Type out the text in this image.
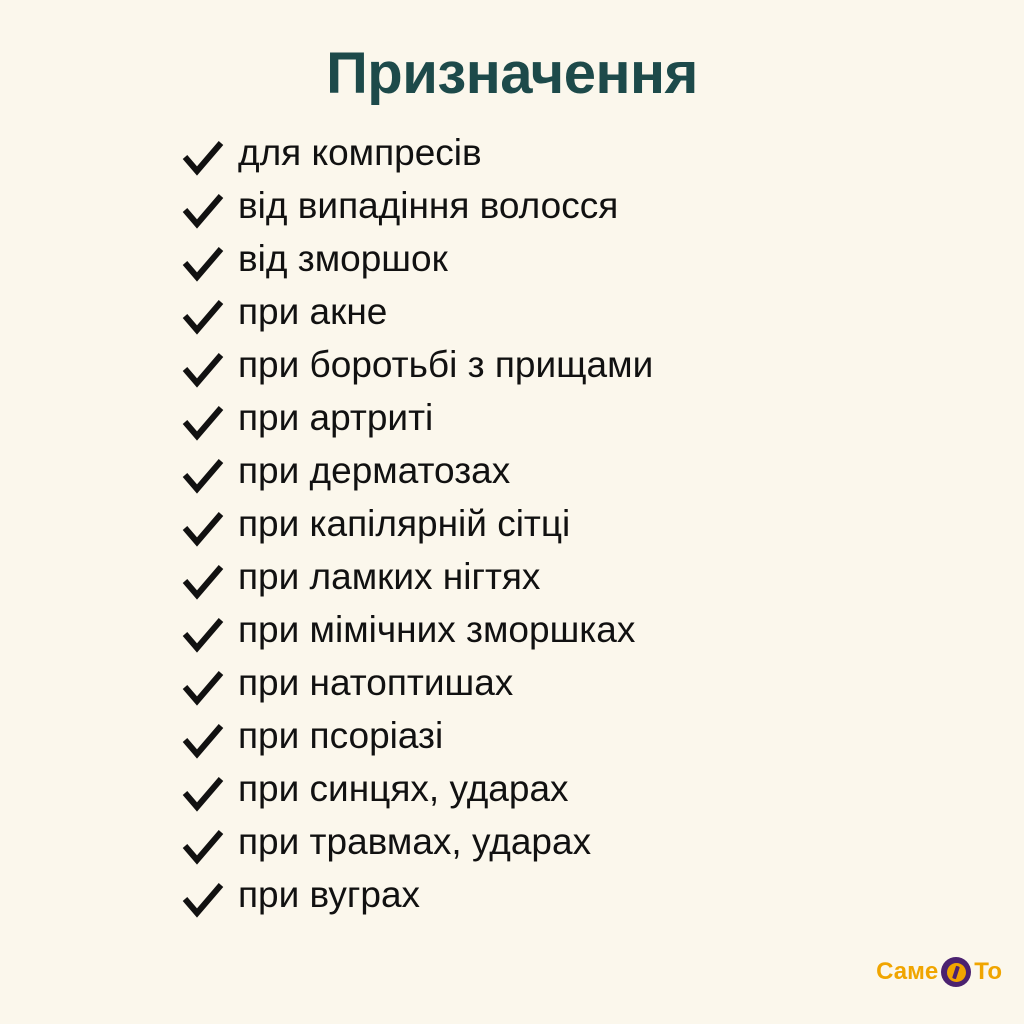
Призначення
для компресів
від випадіння волосся
від зморшок
при акне
при боротьбі з прищами
при артриті
при дерматозах
при капілярній сітці
при ламких нігтях
при мімічних зморшках
при натоптишах
при псоріазі
при синцях, ударах
при травмах, ударах
при вуграх
Саме То
